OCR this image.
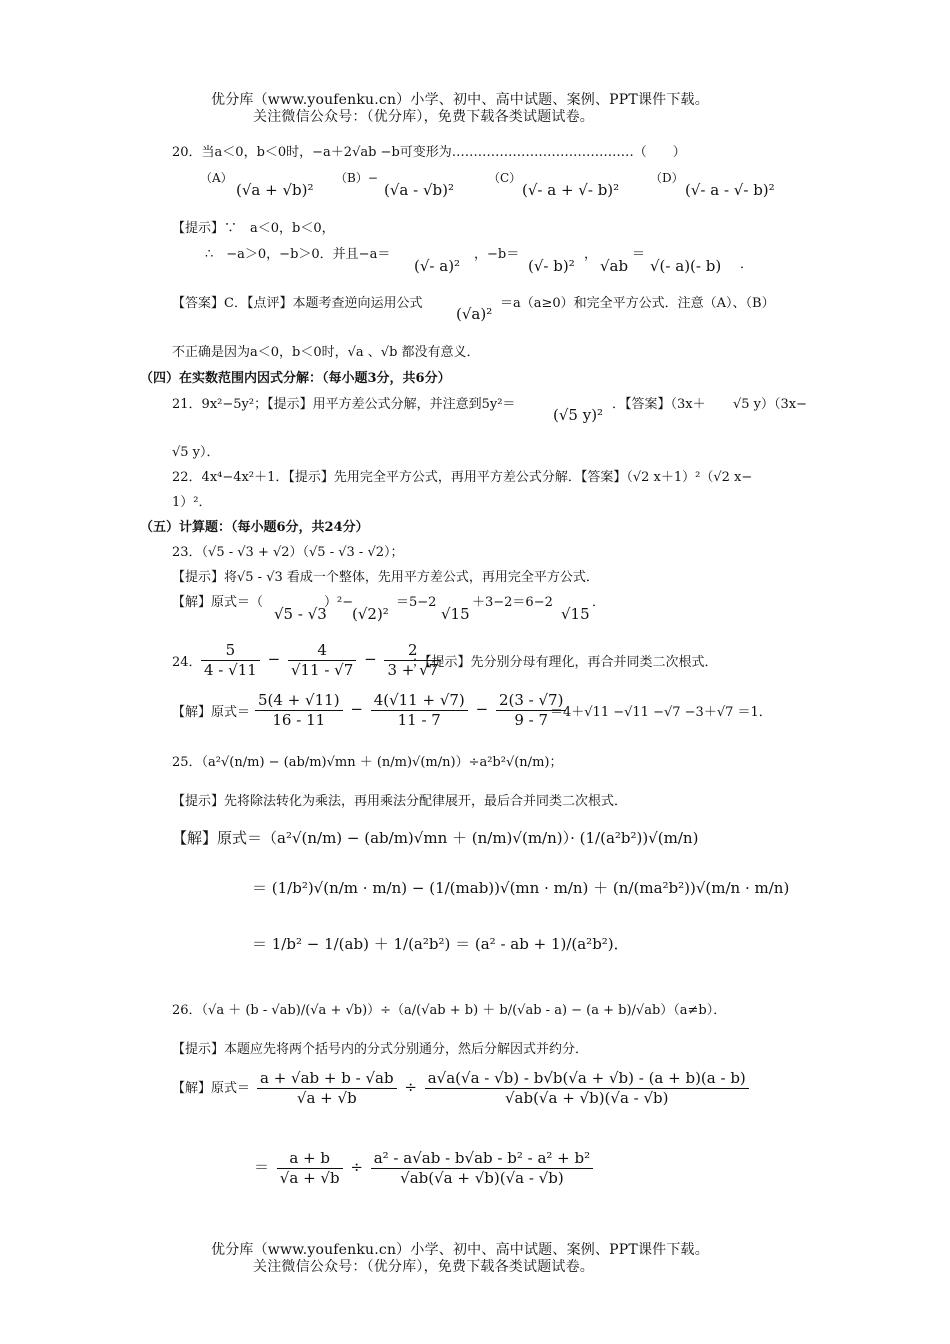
优分库（www.youfenku.cn）小学、初中、高中试题、案例、PPT课件下载。
关注微信公众号：（优分库），免费下载各类试题试卷。
20．当a＜0，b＜0时，−a＋2√ab −b可变形为……………………………………（　　）
（A）
(√a + √b)²
（B）−
(√a - √b)²
（C）
(√- a + √- b)²
（D）
(√- a - √- b)²
【提示】∵　a＜0，b＜0，
∴　−a＞0，−b＞0．并且−a＝
(√- a)²
，−b＝
(√- b)²
，
√ab
＝
√(- a)(- b) ．
【答案】C．【点评】本题考查逆向运用公式
(√a)²
＝a（a≥0）和完全平方公式．注意（A）、（B）
不正确是因为a＜0，b＜0时，√a 、√b 都没有意义．
（四）在实数范围内因式分解：（每小题3分，共6分）
21．9x²−5y²；【提示】用平方差公式分解，并注意到5y²＝
(√5 y)²
．【答案】（3x＋ √5 y）（3x−
√5 y）．
22．4x⁴−4x²＋1．【提示】先用完全平方公式，再用平方差公式分解．【答案】（√2 x＋1）²（√2 x−
1）²．
（五）计算题：（每小题6分，共24分）
23．（√5 - √3 + √2）（√5 - √3 - √2）；
【提示】将√5 - √3 看成一个整体，先用平方差公式，再用完全平方公式．
【解】原式＝（
√5 - √3
）²−
(√2)²
＝5−2
√15
＋3−2＝6−2
√15
．
24． $\frac{5}{4 - √11} - \frac{4}{√11 - √7} - \frac{2}{3 + √7}$
；【提示】先分别分母有理化，再合并同类二次根式．
【解】原式＝ $\frac{5(4 + √11)}{16 - 11} - \frac{4(√11 + √7)}{11 - 7} - \frac{2(3 - √7)}{9 - 7}$
＝4＋√11 −√11 −√7 −3＋√7 ＝1．
25．（a²√(n/m) − (ab/m)√mn ＋ (n/m)√(m/n)）÷a²b²√(n/m)；
【提示】先将除法转化为乘法，再用乘法分配律展开，最后合并同类二次根式．
【解】原式＝（a²√(n/m) − (ab/m)√mn ＋ (n/m)√(m/n)）· (1/(a²b²))√(m/n)
＝ (1/b²)√(n/m · m/n) − (1/(mab))√(mn · m/n) ＋ (n/(ma²b²))√(m/n · m/n)
＝ 1/b² − 1/(ab) ＋ 1/(a²b²) ＝ (a² - ab + 1)/(a²b²)．
26．（√a ＋ (b - √ab)/(√a + √b)）÷（a/(√ab + b) ＋ b/(√ab - a) − (a + b)/√ab）（a≠b）．
【提示】本题应先将两个括号内的分式分别通分，然后分解因式并约分．
【解】原式＝ $\frac{a + √ab + b - √ab}{√a + √b} \div \frac{a√a(√a - √b) - b√b(√a + √b) - (a + b)(a - b)}{√ab(√a + √b)(√a - √b)}$
＝ $\frac{a + b}{√a + √b} \div \frac{\text{a² - a√ab - b√ab - b² - a² + b²}}{√ab(√a + √b)(√a - √b)}$
优分库（www.youfenku.cn）小学、初中、高中试题、案例、PPT课件下载。
关注微信公众号：（优分库），免费下载各类试题试卷。
